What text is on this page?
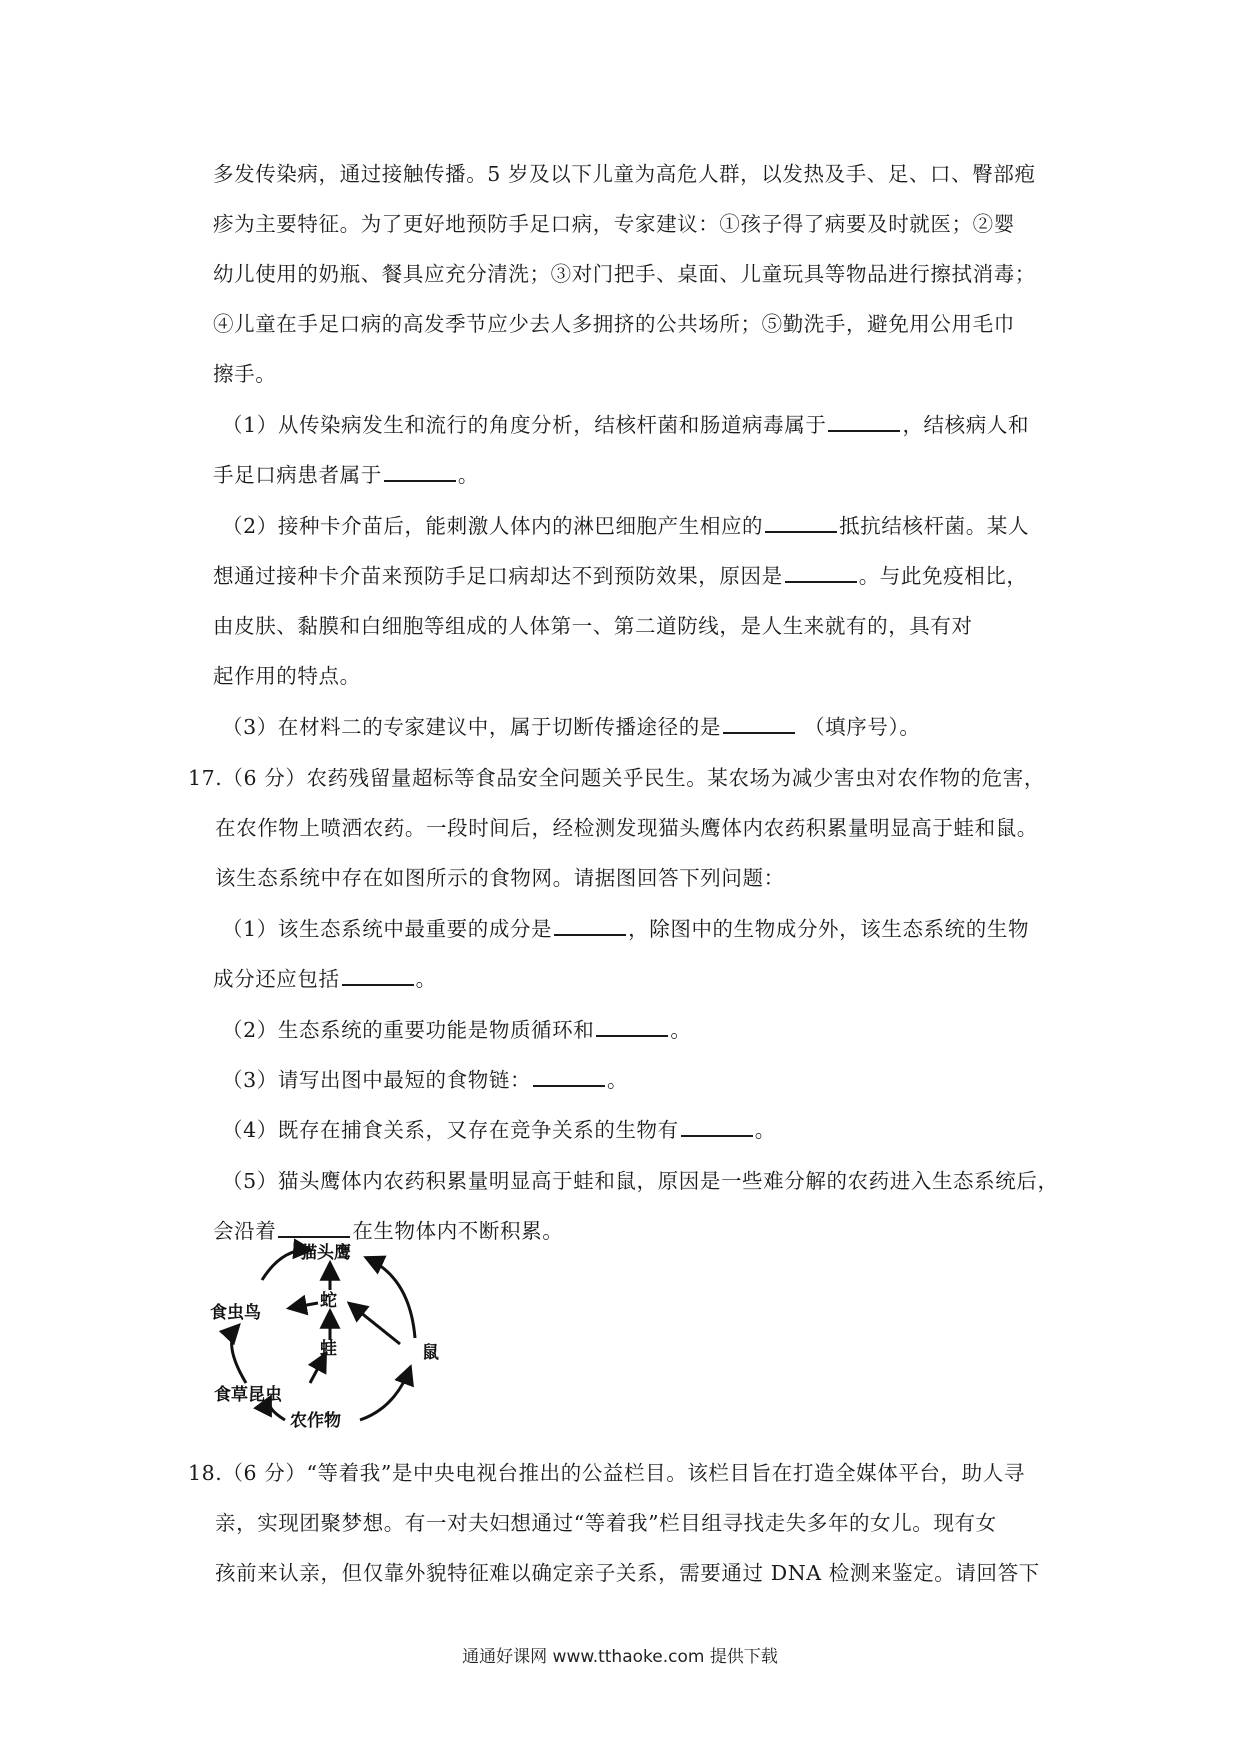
多发传染病，通过接触传播。5 岁及以下儿童为高危人群，以发热及手、足、口、臀部疱
疹为主要特征。为了更好地预防手足口病，专家建议：①孩子得了病要及时就医；②婴
幼儿使用的奶瓶、餐具应充分清洗；③对门把手、桌面、儿童玩具等物品进行擦拭消毒；
④儿童在手足口病的高发季节应少去人多拥挤的公共场所；⑤勤洗手，避免用公用毛巾
擦手。
（1）从传染病发生和流行的角度分析，结核杆菌和肠道病毒属于	，结核病人和
手足口病患者属于	。
（2）接种卡介苗后，能刺激人体内的淋巴细胞产生相应的	抵抗结核杆菌。某人
想通过接种卡介苗来预防手足口病却达不到预防效果，原因是	。与此免疫相比，
由皮肤、黏膜和白细胞等组成的人体第一、第二道防线，是人生来就有的，具有对
起作用的特点。
（3）在材料二的专家建议中，属于切断传播途径的是	（填序号）。
17.（6 分）农药残留量超标等食品安全问题关乎民生。某农场为减少害虫对农作物的危害，
在农作物上喷洒农药。一段时间后，经检测发现猫头鹰体内农药积累量明显高于蛙和鼠。
该生态系统中存在如图所示的食物网。请据图回答下列问题：
（1）该生态系统中最重要的成分是	，除图中的生物成分外，该生态系统的生物
成分还应包括	。
（2）生态系统的重要功能是物质循环和	。
（3）请写出图中最短的食物链：	。
（4）既存在捕食关系，又存在竞争关系的生物有	。
（5）猫头鹰体内农药积累量明显高于蛙和鼠，原因是一些难分解的农药进入生态系统后，
会沿着	在生物体内不断积累。
猫头鹰
蛇
食虫鸟
蛙	鼠
食草昆虫
农作物
18.（6 分）“等着我”是中央电视台推出的公益栏目。该栏目旨在打造全媒体平台，助人寻
亲，实现团聚梦想。有一对夫妇想通过“等着我”栏目组寻找走失多年的女儿。现有女
孩前来认亲，但仅靠外貌特征难以确定亲子关系，需要通过 DNA 检测来鉴定。请回答下
通通好课网 www.tthaoke.com 提供下载
